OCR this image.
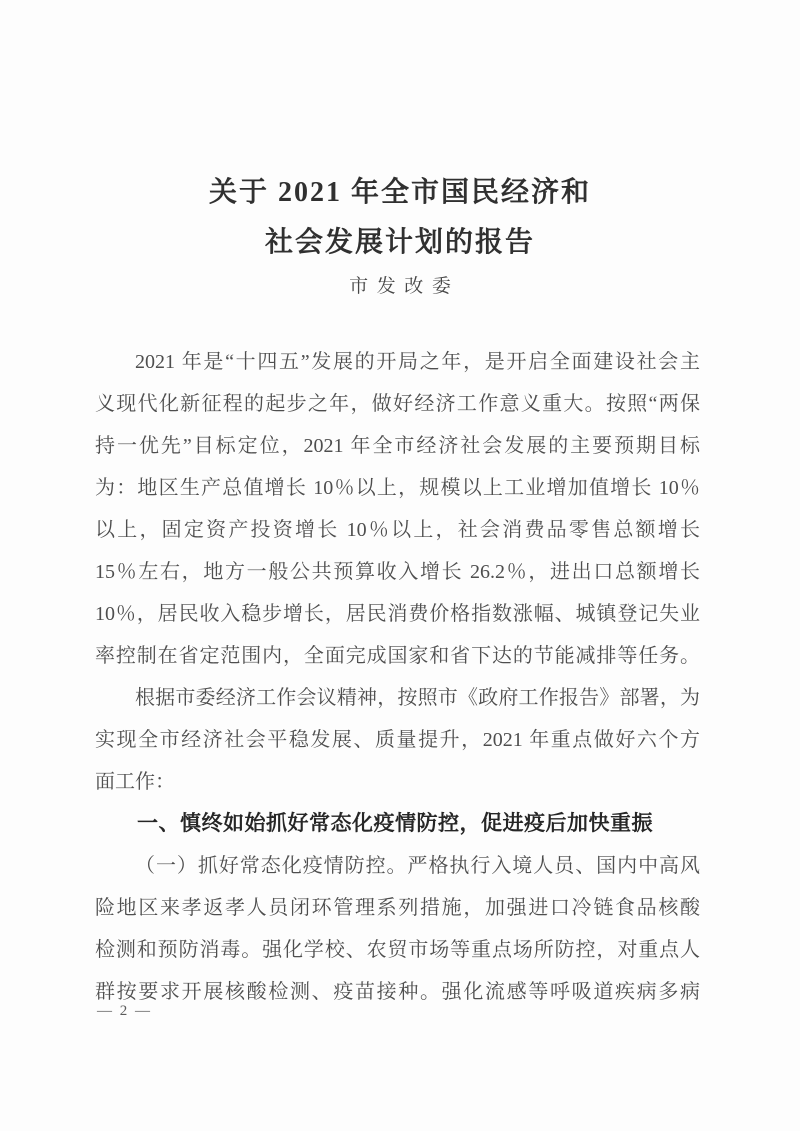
关于 2021 年全市国民经济和
社会发展计划的报告
市发改委
2021 年是“十四五”发展的开局之年，是开启全面建设社会主
义现代化新征程的起步之年，做好经济工作意义重大。按照“两保
持一优先”目标定位，2021 年全市经济社会发展的主要预期目标
为：地区生产总值增长 10％以上，规模以上工业增加值增长 10％
以上，固定资产投资增长 10％以上，社会消费品零售总额增长
15％左右，地方一般公共预算收入增长 26.2％，进出口总额增长
10％，居民收入稳步增长，居民消费价格指数涨幅、城镇登记失业
率控制在省定范围内，全面完成国家和省下达的节能减排等任务。
根据市委经济工作会议精神，按照市《政府工作报告》部署，为
实现全市经济社会平稳发展、质量提升，2021 年重点做好六个方
面工作：
一、慎终如始抓好常态化疫情防控，促进疫后加快重振
（一）抓好常态化疫情防控。严格执行入境人员、国内中高风
险地区来孝返孝人员闭环管理系列措施，加强进口冷链食品核酸
检测和预防消毒。强化学校、农贸市场等重点场所防控，对重点人
群按要求开展核酸检测、疫苗接种。强化流感等呼吸道疾病多病
— 2 —
